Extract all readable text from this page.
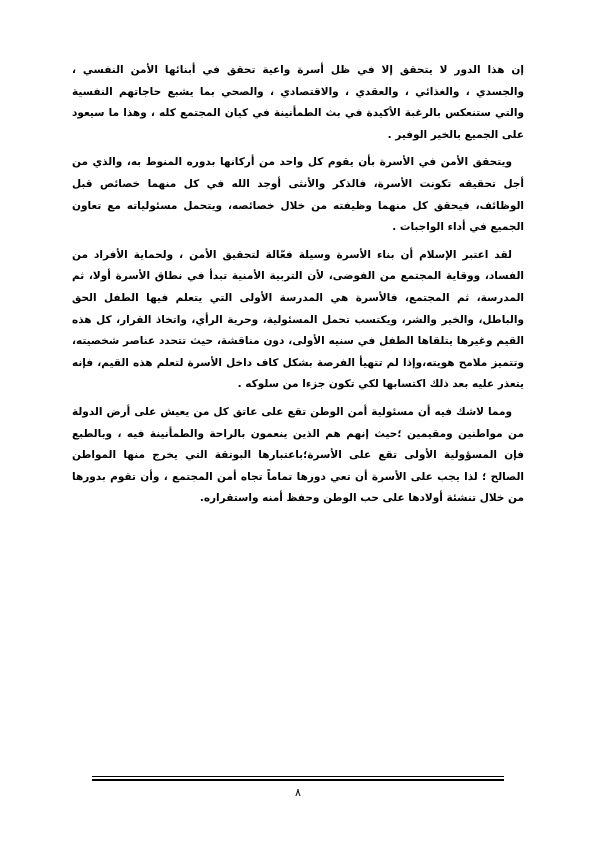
إن هذا الدور لا يتحقق إلا في ظل أسرة واعية تحقق في أبنائها الأمن النفسي ، والجسدي ، والغذائي ، والعقدي ، والاقتصادي ، والصحي بما يشبع حاجاتهم النفسية والتي ستنعكس بالرغبة الأكيدة في بث الطمأنينة في كيان المجتمع كله ، وهذا ما سيعود على الجميع بالخير الوفير .

ويتحقق الأمن في الأسرة بأن يقوم كل واحد من أركانها بدوره المنوط به، والذي من أجل تحقيقه تكونت الأسرة، فالذكر والأنثى أوجد الله في كل منهما خصائص قبل الوظائف، فيحقق كل منهما وظيفته من خلال خصائصه، ويتحمل مسئولياته مع تعاون الجميع في أداء الواجبات .

لقد اعتبر الإسلام أن بناء الأسرة وسيلة فعّالة لتحقيق الأمن ، ولحماية الأفراد من الفساد، ووقاية المجتمع من الفوضى، لأن التربية الأمنية تبدأ في نطاق الأسرة أولا، ثم المدرسة، ثم المجتمع، فالأسرة هي المدرسة الأولى التي يتعلم فيها الطفل الحق والباطل، والخير والشر، ويكتسب تحمل المسئولية، وحرية الرأي، واتخاذ القرار، كل هذه القيم وغيرها يتلقاها الطفل في سنيه الأولى، دون مناقشة، حيث تتحدد عناصر شخصيته، وتتميز ملامح هويته،وإذا لم تتهيأ الفرصة بشكل كاف داخل الأسرة لتعلم هذه القيم، فإنه يتعذر عليه بعد ذلك اكتسابها لكي تكون جزءا من سلوكه .

ومما لاشك فيه أن مسئولية أمن الوطن تقع على عاتق كل من يعيش على أرض الدولة من مواطنين ومقيمين ؛حيث إنهم هم الذين ينعمون بالراحة والطمأنينة فيه ، وبالطبع فإن المسؤولية الأولى تقع على الأسرة؛باعتبارها البوتقة التي يخرج منها المواطن الصالح ؛ لذا يجب على الأسرة أن تعي دورها تماماً تجاه أمن المجتمع ، وأن تقوم بدورها من خلال تنشئة أولادها على حب الوطن وحفظ أمنه واستقراره.

٨
